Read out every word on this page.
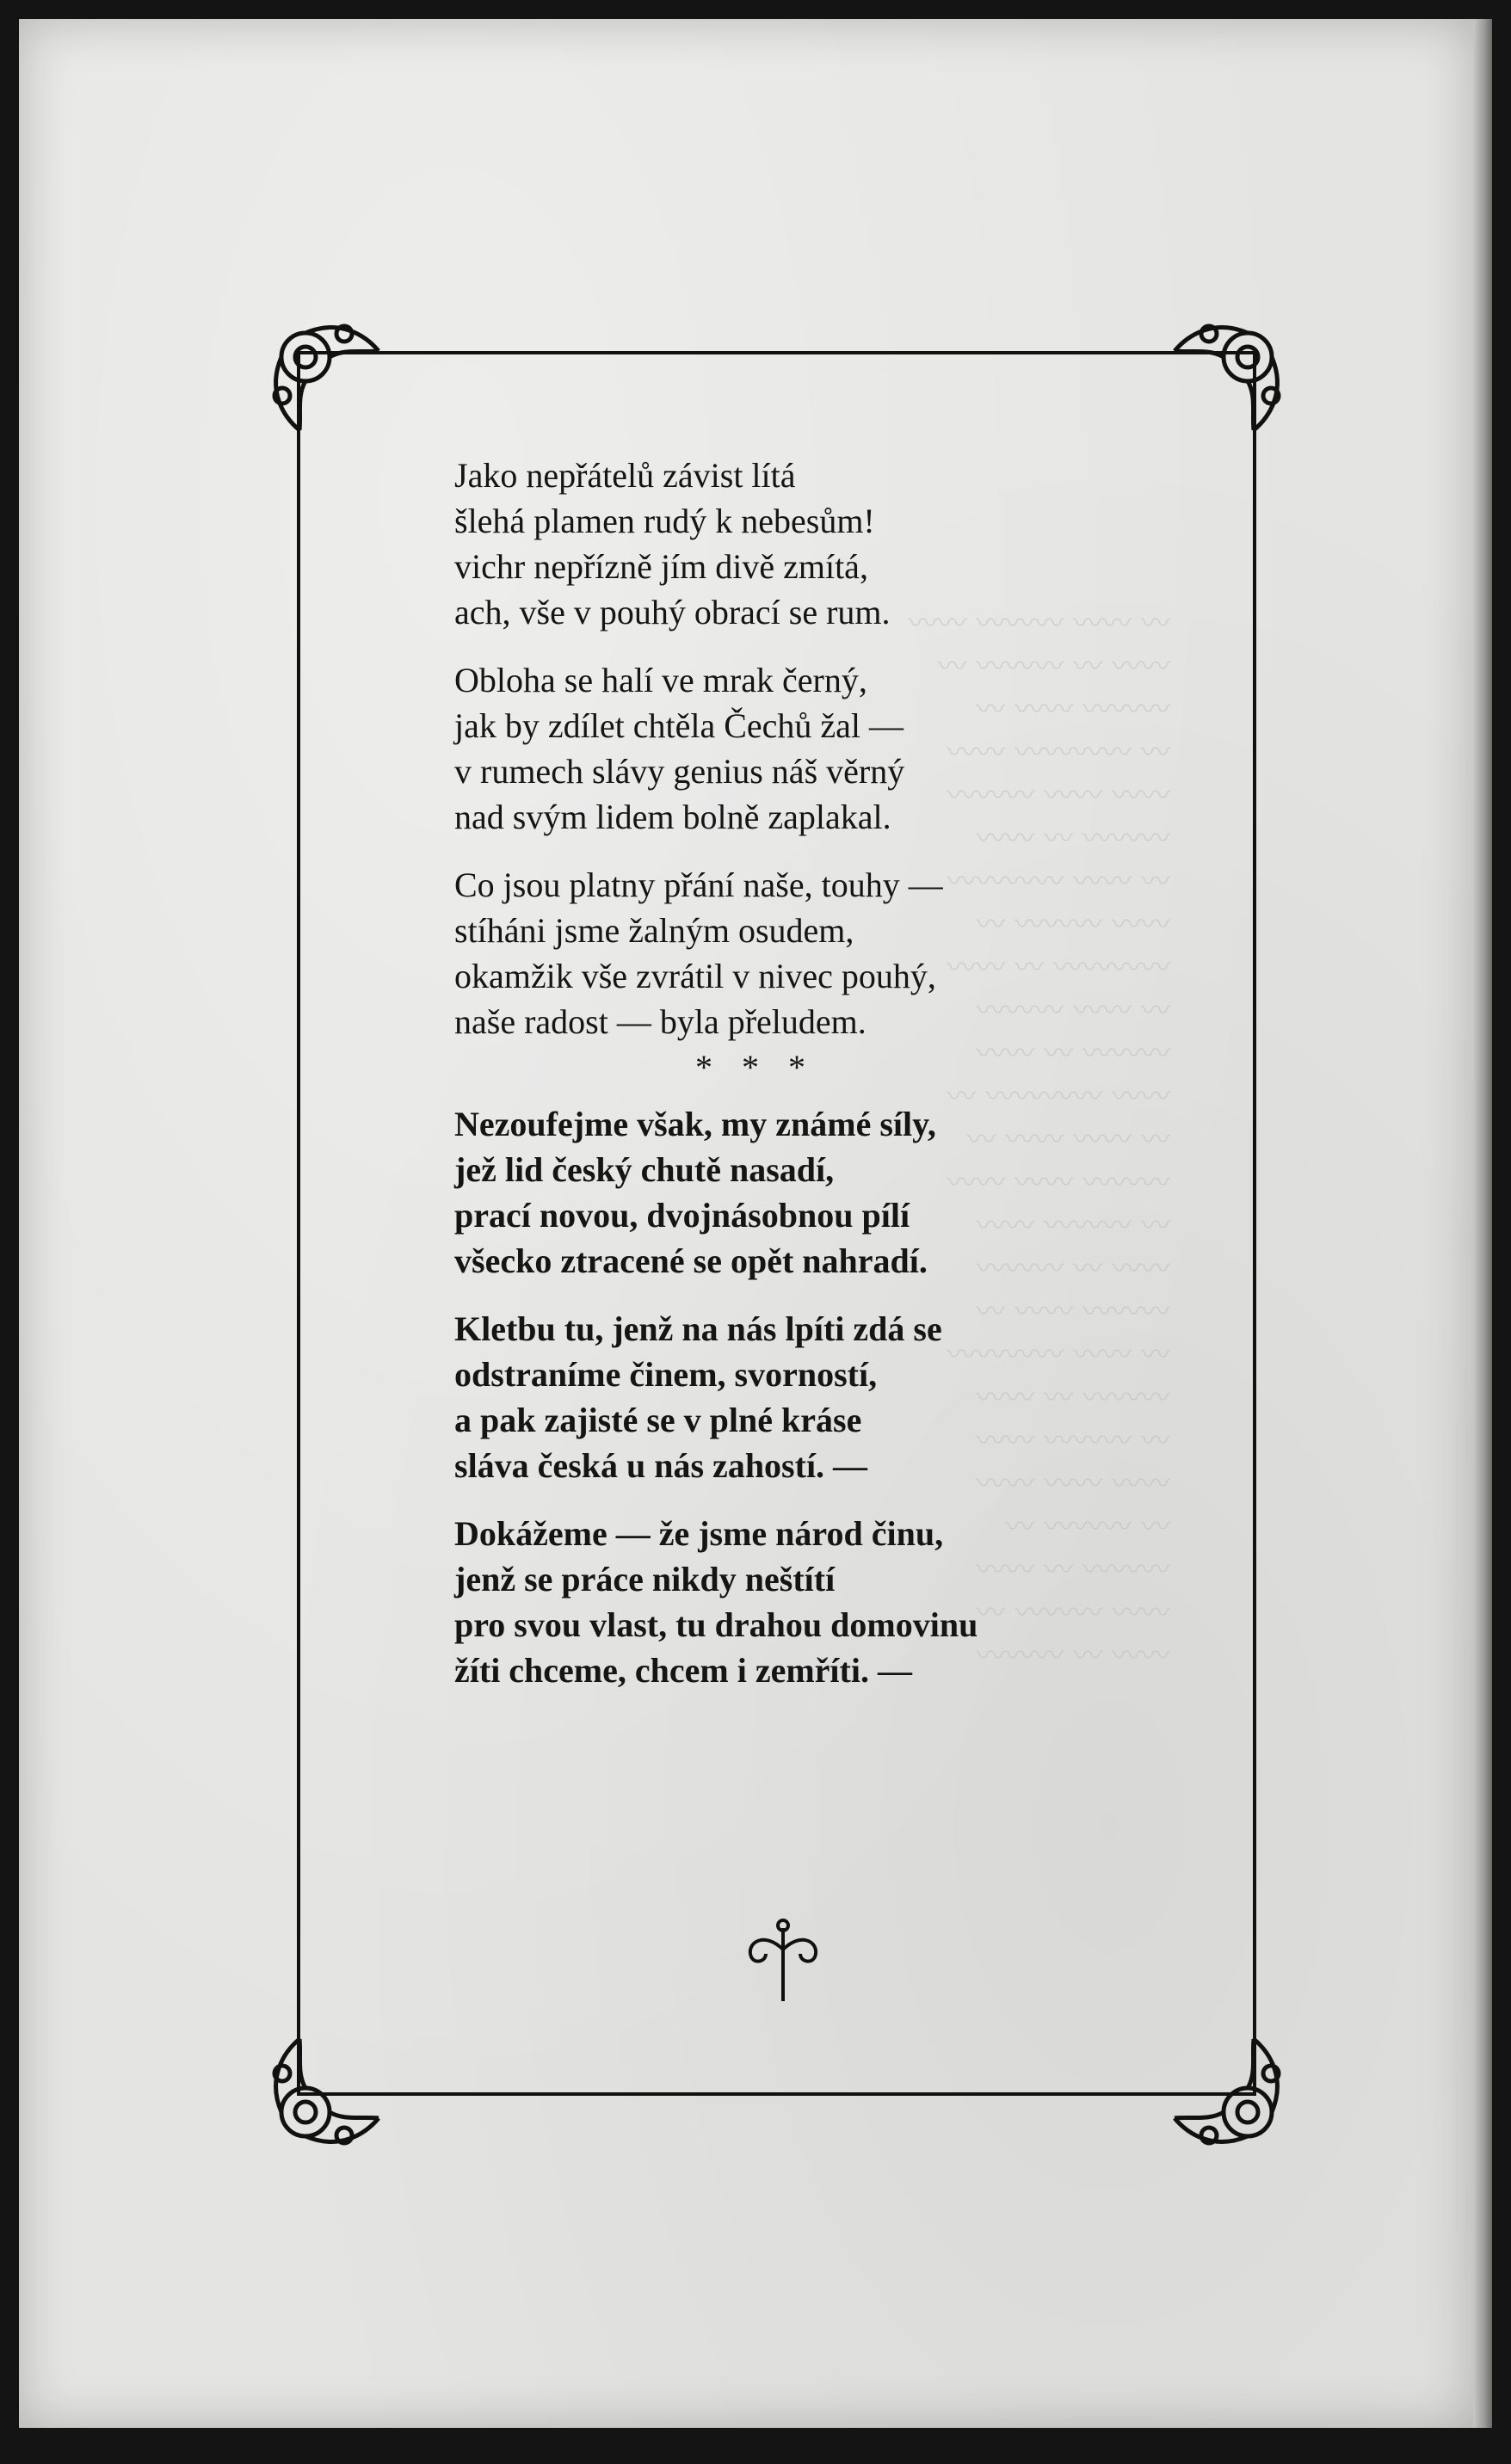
〰 〰〰 〰〰〰 〰〰
〰〰 〰 〰〰〰 〰
〰〰〰 〰〰 〰
〰 〰〰〰〰 〰〰
〰〰 〰〰 〰〰〰
〰〰〰 〰 〰〰
〰 〰〰 〰〰〰〰
〰〰 〰〰〰 〰
〰〰〰〰 〰 〰〰
〰 〰〰 〰〰〰
〰〰〰 〰 〰〰
〰〰 〰〰〰〰 〰
〰 〰〰 〰〰 〰
〰〰〰 〰〰 〰〰
〰 〰〰〰 〰〰
〰〰 〰 〰〰〰
〰〰〰 〰〰 〰
〰 〰〰 〰〰〰〰
〰〰〰 〰 〰〰
〰 〰〰〰 〰〰
〰〰 〰〰 〰〰
〰 〰〰〰 〰
〰〰〰 〰 〰〰
〰〰 〰〰〰 〰
〰〰 〰 〰〰〰
Jako nepřátelů závist lítá
šlehá plamen rudý k nebesům!
vichr nepřízně jím divě zmítá,
ach, vše v pouhý obrací se rum.
Obloha se halí ve mrak černý,
jak by zdílet chtěla Čechů žal —
v rumech slávy genius náš věrný
nad svým lidem bolně zaplakal.
Co jsou platny přání naše, touhy —
stíháni jsme žalným osudem,
okamžik vše zvrátil v nivec pouhý,
naše radost — byla přeludem.
* * *
Nezoufejme však, my známé síly,
jež lid český chutě nasadí,
prací novou, dvojnásobnou pílí
všecko ztracené se opět nahradí.
Kletbu tu, jenž na nás lpíti zdá se
odstraníme činem, svorností,
a pak zajisté se v plné kráse
sláva česká u nás zahostí. —
Dokážeme — že jsme národ činu,
jenž se práce nikdy neštítí
pro svou vlast, tu drahou domovinu
žíti chceme, chcem i zemříti. —
